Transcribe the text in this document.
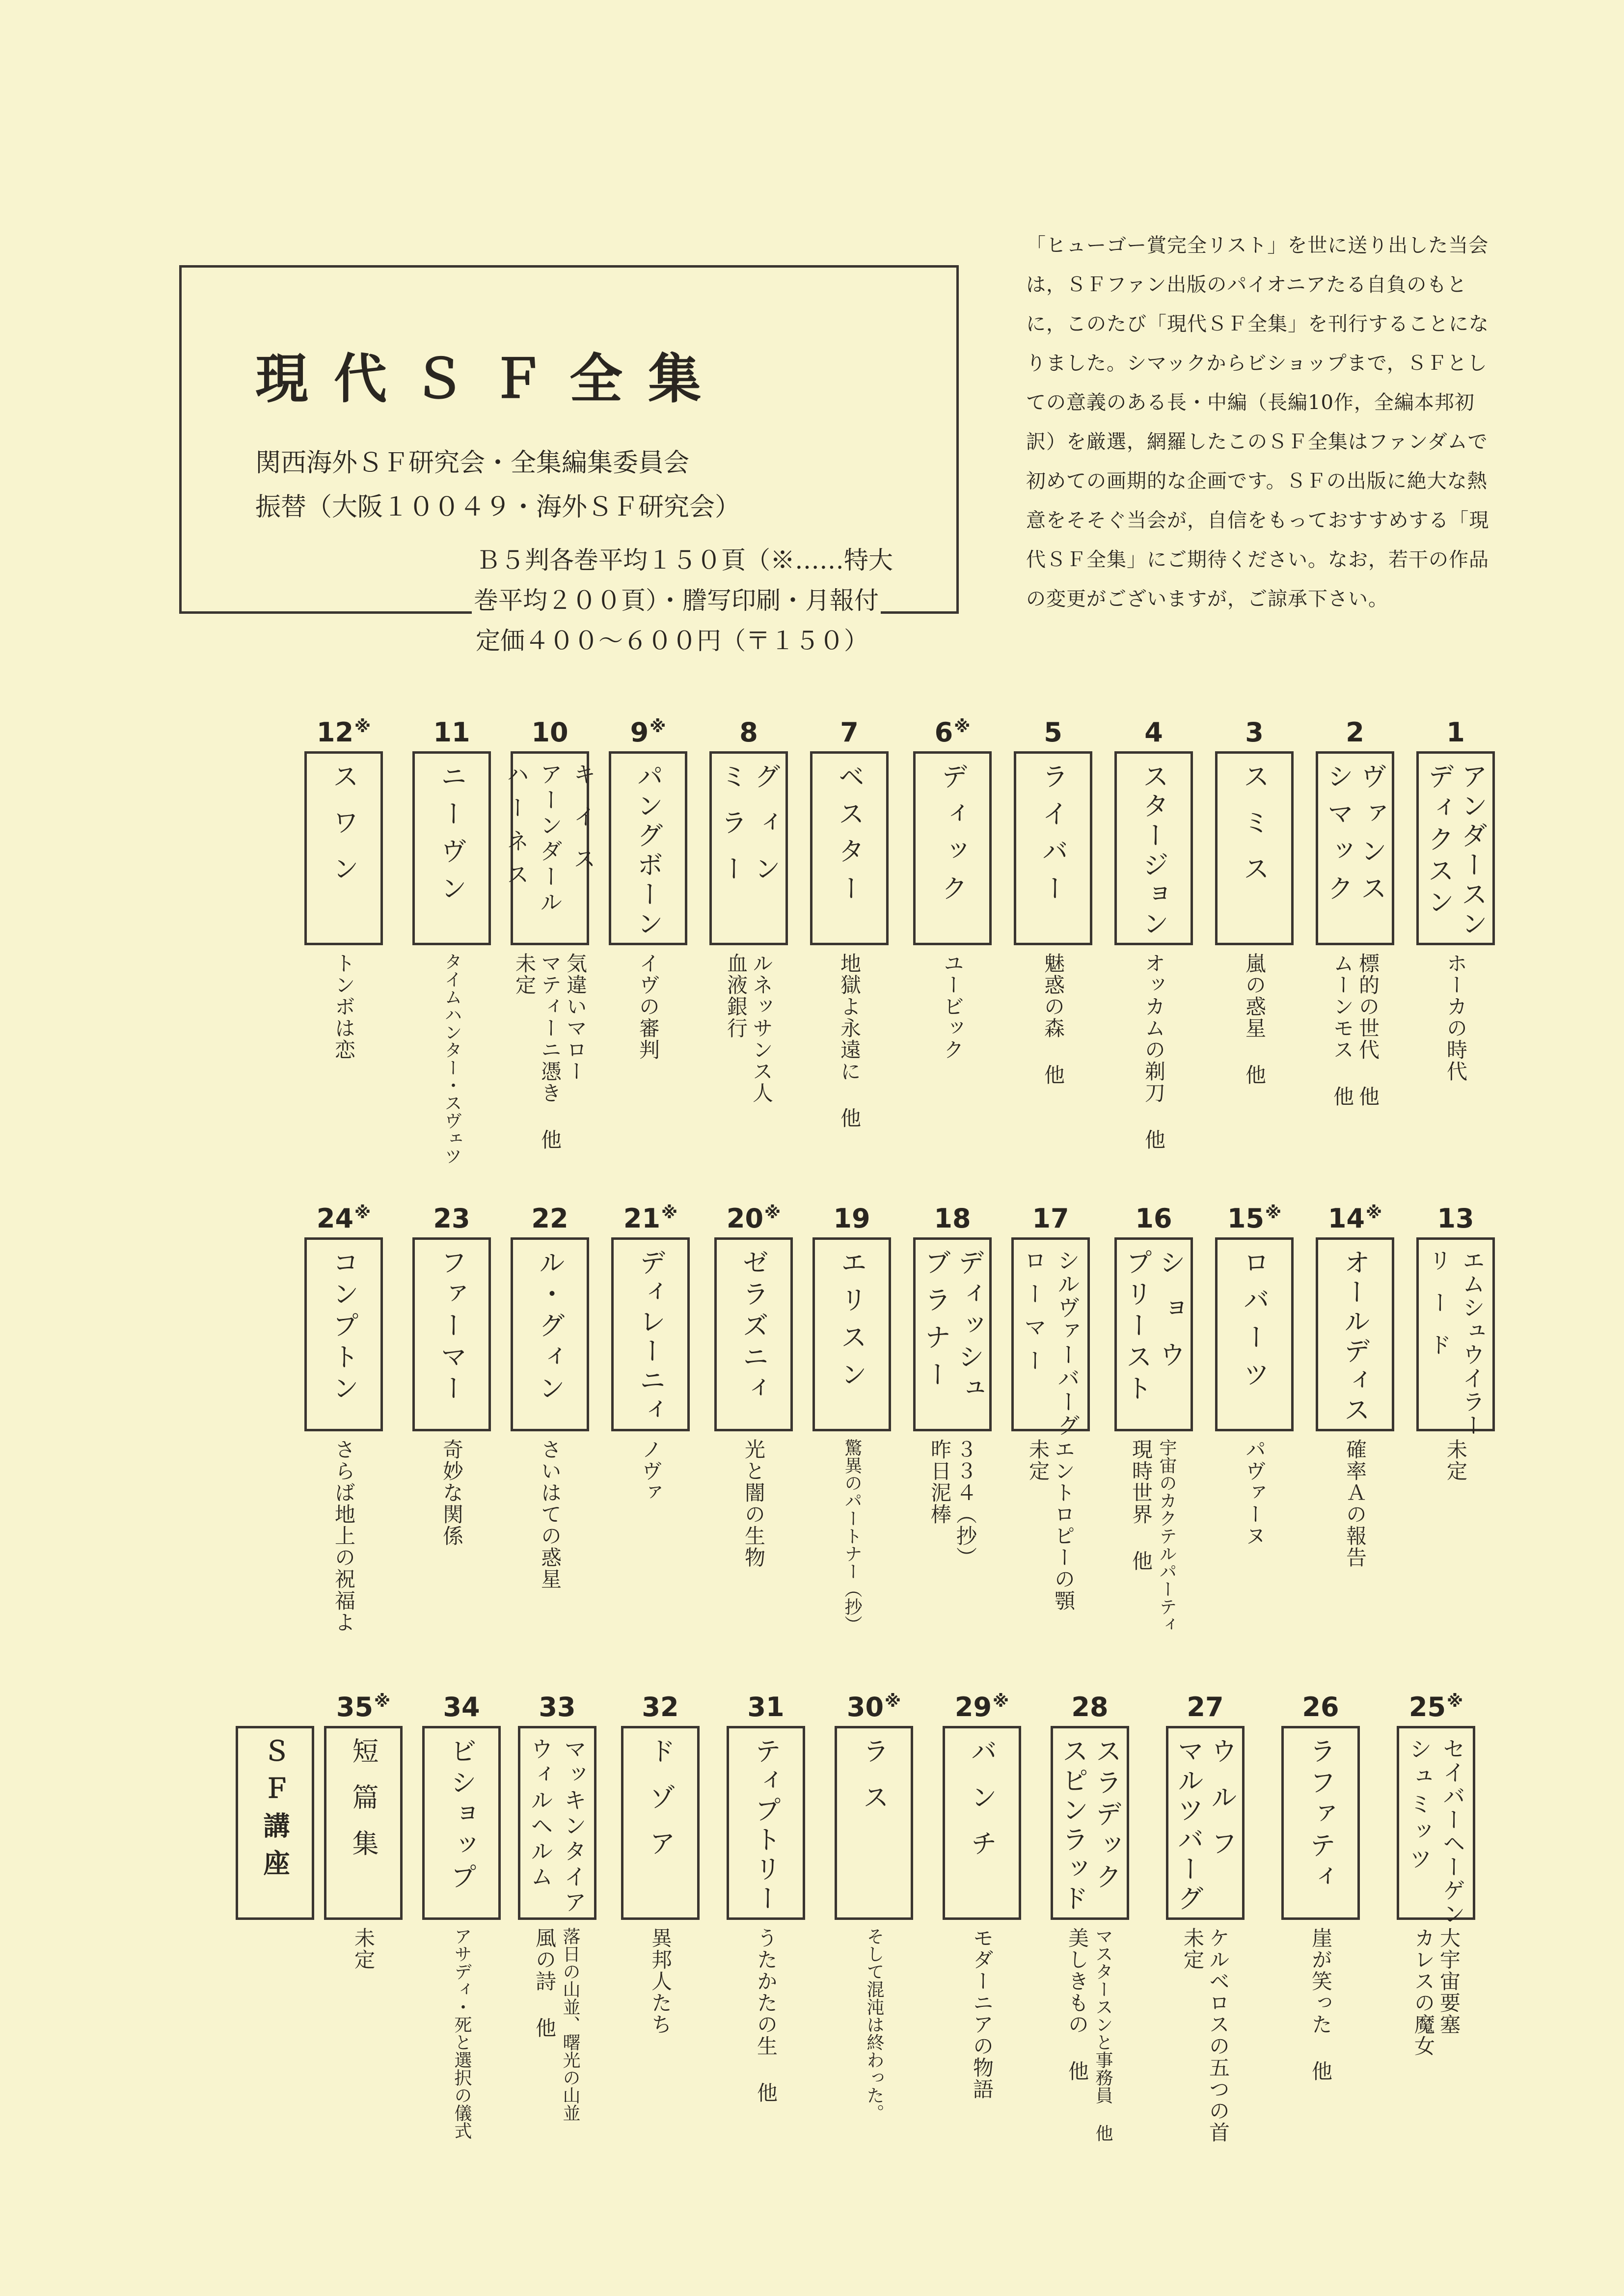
現代ＳＦ全集
関西海外ＳＦ研究会・全集編集委員会
振替（大阪１００４９・海外ＳＦ研究会）
Ｂ５判各巻平均１５０頁（※……特大
巻平均２００頁）・謄写印刷・月報付
定価４００～６００円（〒１５０）
「ヒューゴー賞完全リスト」を世に送り出した当会は，ＳＦファン出版のパイオニアたる自負のもとに，このたび「現代ＳＦ全集」を刊行することになりました。シマックからビショップまで，ＳＦとしての意義のある長・中編（長編10作，全編本邦初訳）を厳選，網羅したこのＳＦ全集はファンダムで初めての画期的な企画です。ＳＦの出版に絶大な熱意をそそぐ当会が，自信をもっておすすめする「現代ＳＦ全集」にご期待ください。なお，若干の作品の変更がございますが，ご諒承下さい。
1
アンダースン
ディクスン
ホーカの時代
2
ヴァンス
シマック
標的の世代 他
ムーンモス 他
3
スミス
嵐の惑星 他
4
スタージョン
オッカムの剃刀 他
5
ライバー
魅惑の森 他
6※
ディック
ユービック
7
ベスター
地獄よ永遠に 他
8
グィン
ミラー
ルネッサンス人
血液銀行
9※
パングボーン
イヴの審判
10
キイス
アーンダール
ハーネス
気違いマロー
マティーニ憑き 他
未定
11
ニーヴン
タイムハンター・スヴェツ
12※
スワン
トンボは恋
13
エムシュウイラー
リード
未定
14※
オールディス
確率Ａの報告
15※
ロバーツ
パヴァーヌ
16
ショウ
プリースト
宇宙のカクテルパーティ
現時世界 他
17
シルヴァーバーグ
ローマー
エントロピーの顎
未定
18
ディッシュ
ブラナー
３３４（抄）
昨日泥棒
19
エリスン
驚異のパートナー（抄）
20※
ゼラズニィ
光と闇の生物
21※
ディレーニィ
ノヴァ
22
ル・グィン
さいはての惑星
23
ファーマー
奇妙な関係
24※
コンプトン
さらば地上の祝福よ
25※
セイバーヘーゲン
シュミッツ
大宇宙要塞
カレスの魔女
26
ラファティ
崖が笑った 他
27
ウルフ
マルツバーグ
ケルベロスの五つの首
未定
28
スラデック
スピンラッド
マスタースンと事務員 他
美しきもの 他
29※
バンチ
モダーニアの物語
30※
ラス
そして混沌は終わった。
31
ティプトリー
うたかたの生 他
32
ドゾア
異邦人たち
33
マッキンタイア
ウィルヘルム
落日の山並、曙光の山並
風の詩 他
34
ビショップ
アサディ・死と選択の儀式
35※
短篇集
未定
ＳＦ講座
